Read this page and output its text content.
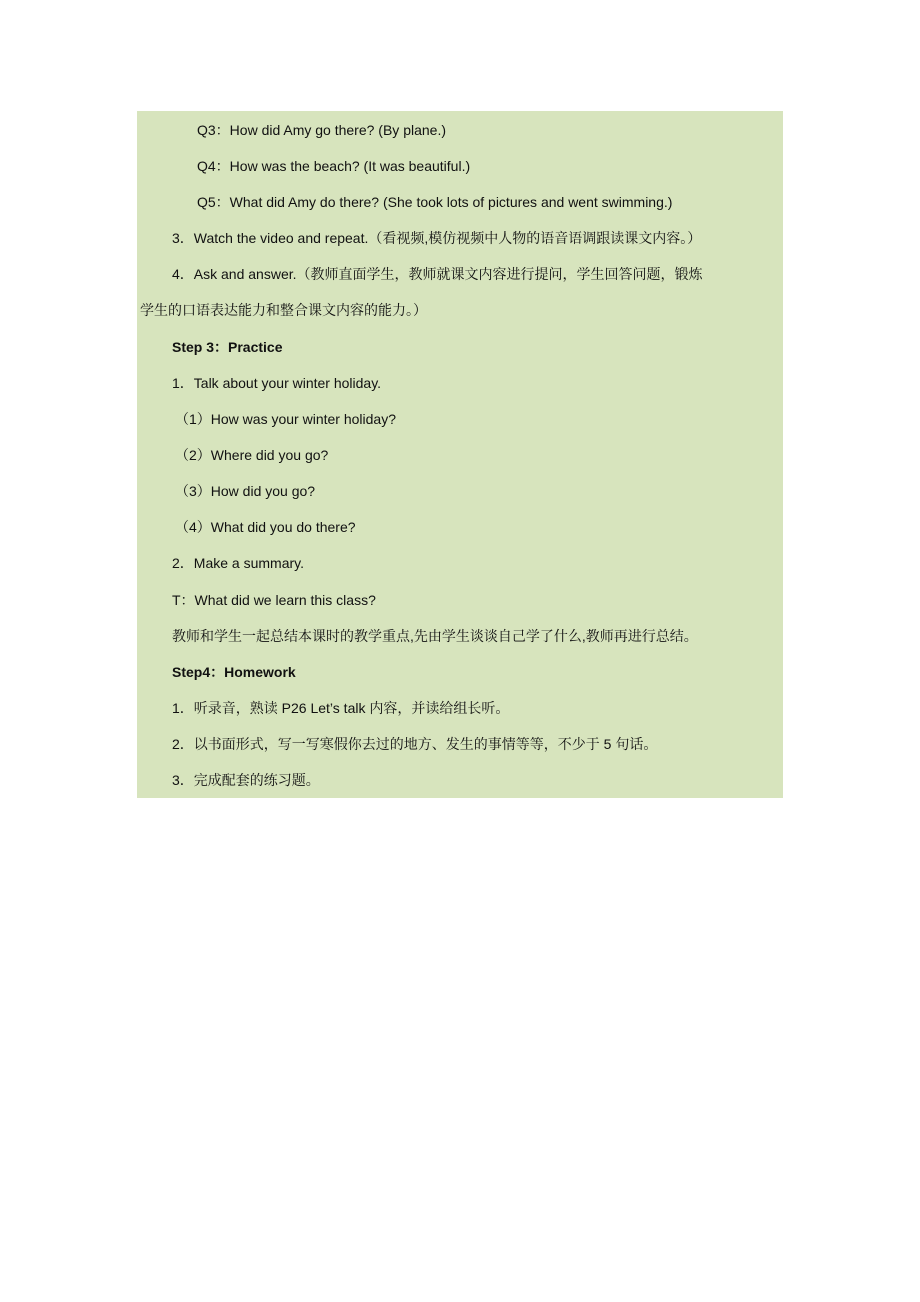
Q3：How did Amy go there? (By plane.)
Q4：How was the beach? (It was beautiful.)
Q5：What did Amy do there? (She took lots of pictures and went swimming.)
3．Watch the video and repeat.（看视频,模仿视频中人物的语音语调跟读课文内容。）
4．Ask and answer.（教师直面学生，教师就课文内容进行提问，学生回答问题，锻炼
学生的口语表达能力和整合课文内容的能力。）
Step 3：Practice
1．Talk about your winter holiday.
（1）How was your winter holiday?
（2）Where did you go?
（3）How did you go?
（4）What did you do there?
2．Make a summary.
T：What did we learn this class?
教师和学生一起总结本课时的教学重点,先由学生谈谈自己学了什么,教师再进行总结。
Step4：Homework
1．听录音，熟读 P26 Let’s talk 内容，并读给组长听。
2．以书面形式，写一写寒假你去过的地方、发生的事情等等，不少于 5 句话。
3．完成配套的练习题。
